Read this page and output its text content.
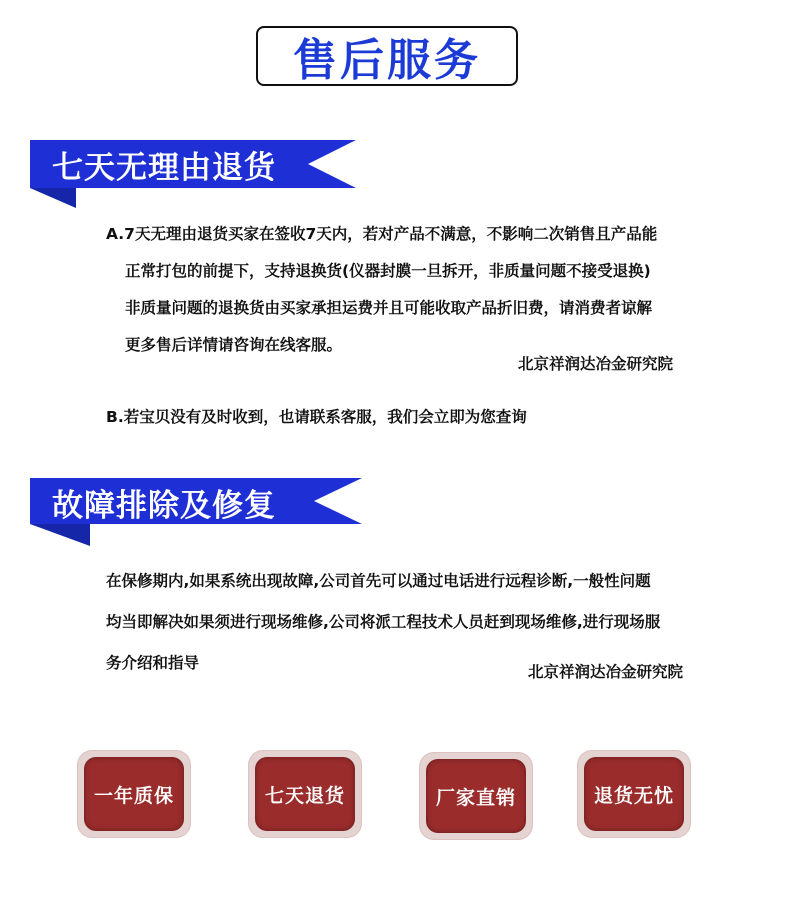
售后服务
七天无理由退货
A.7天无理由退货买家在签收7天内，若对产品不满意，不影响二次销售且产品能
正常打包的前提下，支持退换货(仪器封膜一旦拆开，非质量问题不接受退换)
非质量问题的退换货由买家承担运费并且可能收取产品折旧费，请消费者谅解
更多售后详情请咨询在线客服。
北京祥润达冶金研究院
B.若宝贝没有及时收到，也请联系客服，我们会立即为您查询
故障排除及修复
在保修期内,如果系统出现故障,公司首先可以通过电话进行远程诊断,一般性问题
均当即解决如果须进行现场维修,公司将派工程技术人员赶到现场维修,进行现场服
务介绍和指导	北京祥润达冶金研究院
一年质保	七天退货	厂家直销	退货无忧
